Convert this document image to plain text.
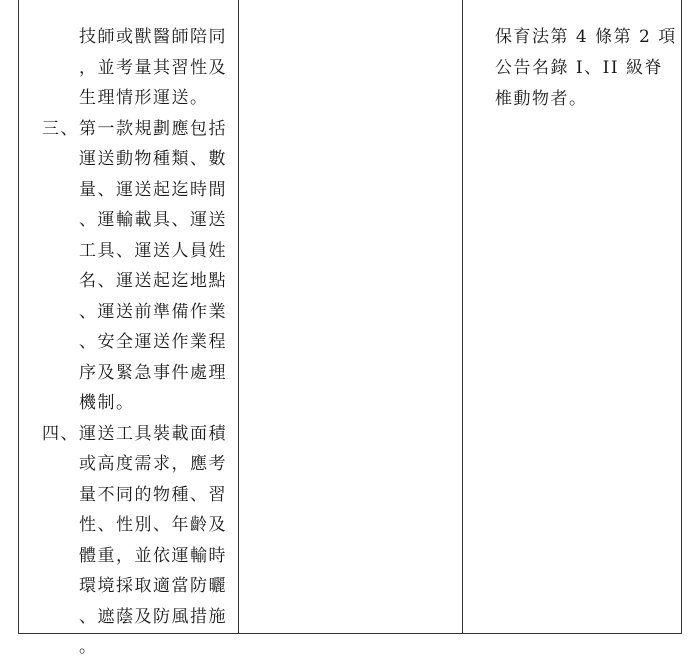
技師或獸醫師陪同
，並考量其習性及
生理情形運送。
三、第一款規劃應包括
運送動物種類、數
量、運送起迄時間
、運輸載具、運送
工具、運送人員姓
名、運送起迄地點
、運送前準備作業
、安全運送作業程
序及緊急事件處理
機制。
四、運送工具裝載面積
或高度需求，應考
量不同的物種、習
性、性別、年齡及
體重，並依運輸時
環境採取適當防曬
、遮蔭及防風措施
。
保育法第 4 條第 2 項
公告名錄 I、II 級脊
椎動物者。
